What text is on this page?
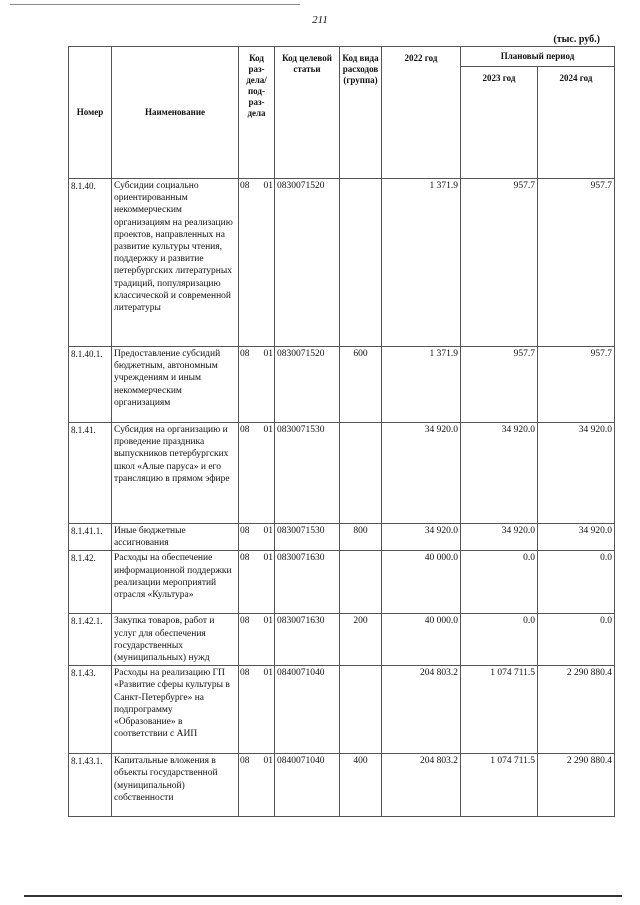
211
(тыс. руб.)
Номер	Наименование	Код раз-дела/ под-раз-дела	Код целевой статьи	Код вида расходов (группа)	2022 год	Плановый период	
						2023 год	2024 год
8.1.40.	Субсидии социально ориентированным некоммерческим организациям на реализацию проектов, направленных на развитие культуры чтения, поддержку и развитие петербургских литературных традиций, популяризацию классической и современной литературы	08 01	0830071520		1 371.9	957.7	957.7
8.1.40.1.	Предоставление субсидий бюджетным, автономным учреждениям и иным некоммерческим организациям	08 01	0830071520	600	1 371.9	957.7	957.7
8.1.41.	Субсидия на организацию и проведение праздника выпускников петербургских школ «Алые паруса» и его трансляцию в прямом эфире	08 01	0830071530		34 920.0	34 920.0	34 920.0
8.1.41.1.	Иные бюджетные ассигнования	08 01	0830071530	800	34 920.0	34 920.0	34 920.0
8.1.42.	Расходы на обеспечение информационной поддержки реализации мероприятий отрасля «Культура»	08 01	0830071630		40 000.0	0.0	0.0
8.1.42.1.	Закупка товаров, работ и услуг для обеспечения государственных (муниципальных) нужд	08 01	0830071630	200	40 000.0	0.0	0.0
8.1.43.	Расходы на реализацию ГП «Развитие сферы культуры в Санкт-Петербурге» на подпрограмму «Образование» в соответствии с АИП	08 01	0840071040		204 803.2	1 074 711.5	2 290 880.4
8.1.43.1.	Капитальные вложения в объекты государственной (муниципальной) собственности	08 01	0840071040	400	204 803.2	1 074 711.5	2 290 880.4
